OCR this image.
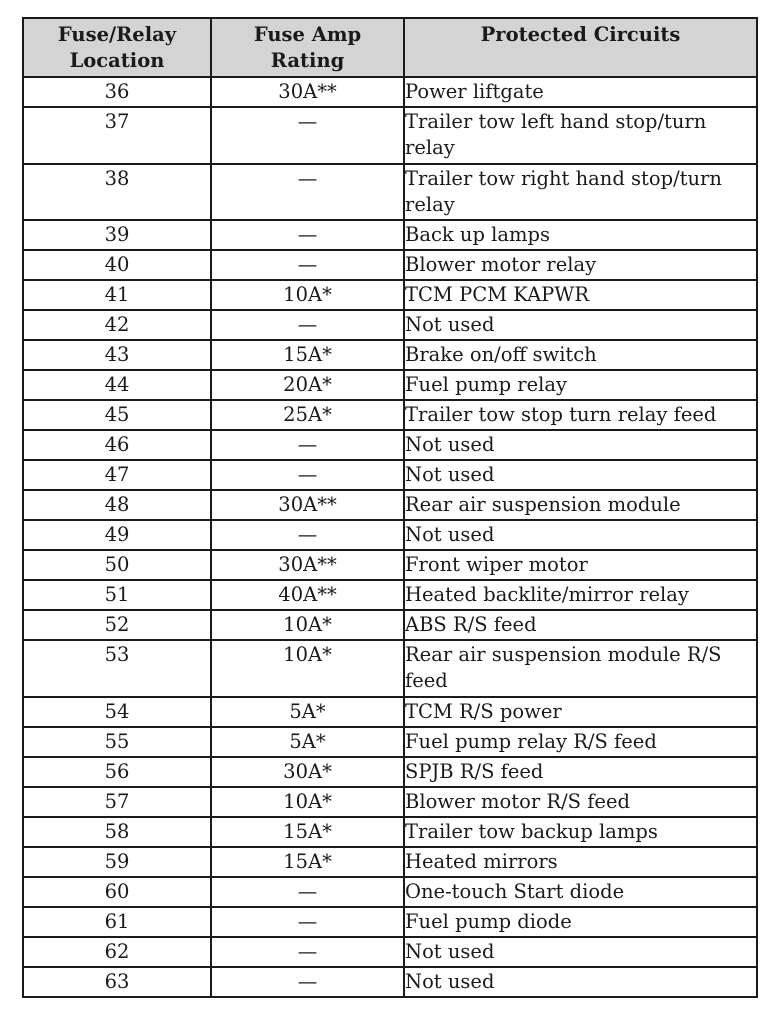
Fuse/Relay Location	Fuse Amp Rating	Protected Circuits
36	30A**	Power liftgate
37	—	Trailer tow left hand stop/turn relay
38	—	Trailer tow right hand stop/turn relay
39	—	Back up lamps
40	—	Blower motor relay
41	10A*	TCM PCM KAPWR
42	—	Not used
43	15A*	Brake on/off switch
44	20A*	Fuel pump relay
45	25A*	Trailer tow stop turn relay feed
46	—	Not used
47	—	Not used
48	30A**	Rear air suspension module
49	—	Not used
50	30A**	Front wiper motor
51	40A**	Heated backlite/mirror relay
52	10A*	ABS R/S feed
53	10A*	Rear air suspension module R/S feed
54	5A*	TCM R/S power
55	5A*	Fuel pump relay R/S feed
56	30A*	SPJB R/S feed
57	10A*	Blower motor R/S feed
58	15A*	Trailer tow backup lamps
59	15A*	Heated mirrors
60	—	One-touch Start diode
61	—	Fuel pump diode
62	—	Not used
63	—	Not used
